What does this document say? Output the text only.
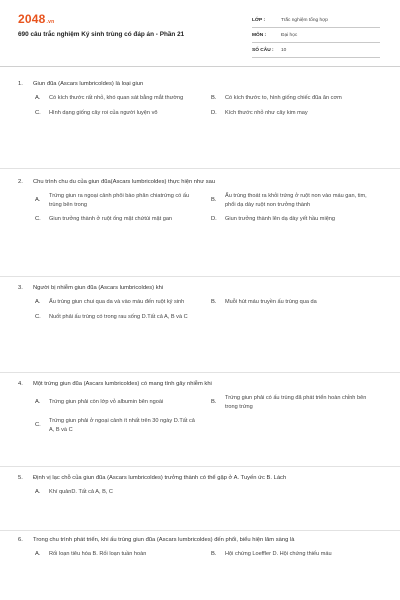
2048.vn
690 câu trắc nghiệm Ký sinh trùng có đáp án - Phần 21
LỚP :	Trắc nghiệm tổng hợp
MÔN :	Đại học
SỐ CÂU :	10
1.	Giun đũa (Ascars lumbricoldes) là loại giun
A.	Có kích thước rất nhỏ, khó quan sát bằng mắt thường	B.	Có kích thước to, hình giống chiếc đũa ăn cơm
C.	Hình dạng giống cây roi của người luyện võ	D.	Kích thước nhỏ như cây kim may
2.	Chu trình chu du của giun đũa(Ascars lumbricoldes) thực hiện như sau
A.
Trứng giun ra ngoại cảnh phôi bào phân chiatrứng có ấu trùng bên trong
B.
Ấu trùng thoát ra khỏi trứng ở ruột non vào máu gan, tim, phổi dạ dày ruột non trưởng thành
C.	Giun trưởng thành ở ruột ống mật chứtúi mật gan	D.	Giun trưởng thành lên dạ dày yết hầu miệng
3.	Người bị nhiễm giun đũa (Ascars lumbricoldes) khi
A.	Ấu trùng giun chui qua da và vào máu đến ruột ký sinh	B.	Muỗi hút máu truyền ấu trùng qua da
C.	Nuốt phải ấu trùng có trong rau sống D.Tất cả A, B và C
4.	Một trứng giun đũa (Ascars lumbricoldes) có mang tính gây nhiễm khi
A.	Trứng giun phải còn lớp vỏ albumin bên ngoài	B.
Trứng giun phải có ấu trùng đã phát triển hoàn chỉnh bên trong trứng
C.
Trứng giun phải ở ngoại cảnh ít nhất trên 30 ngày D.Tất cả A, B và C
5.	Định vị lạc chỗ của giun đũa (Ascars lumbricoldes) trưởng thành có thể gặp ở A. Tuyến ức B. Lách
A.	Khí quảnD. Tất cả A, B, C
6.	Trong chu trình phát triển, khi ấu trùng giun đũa (Ascars lumbricoldes) đến phổi, biểu hiện lâm sàng là
A.	Rối loạn tiêu hóa B. Rối loạn tuần hoàn	B.	Hội chứng Loeffler D. Hội chứng thiếu máu
